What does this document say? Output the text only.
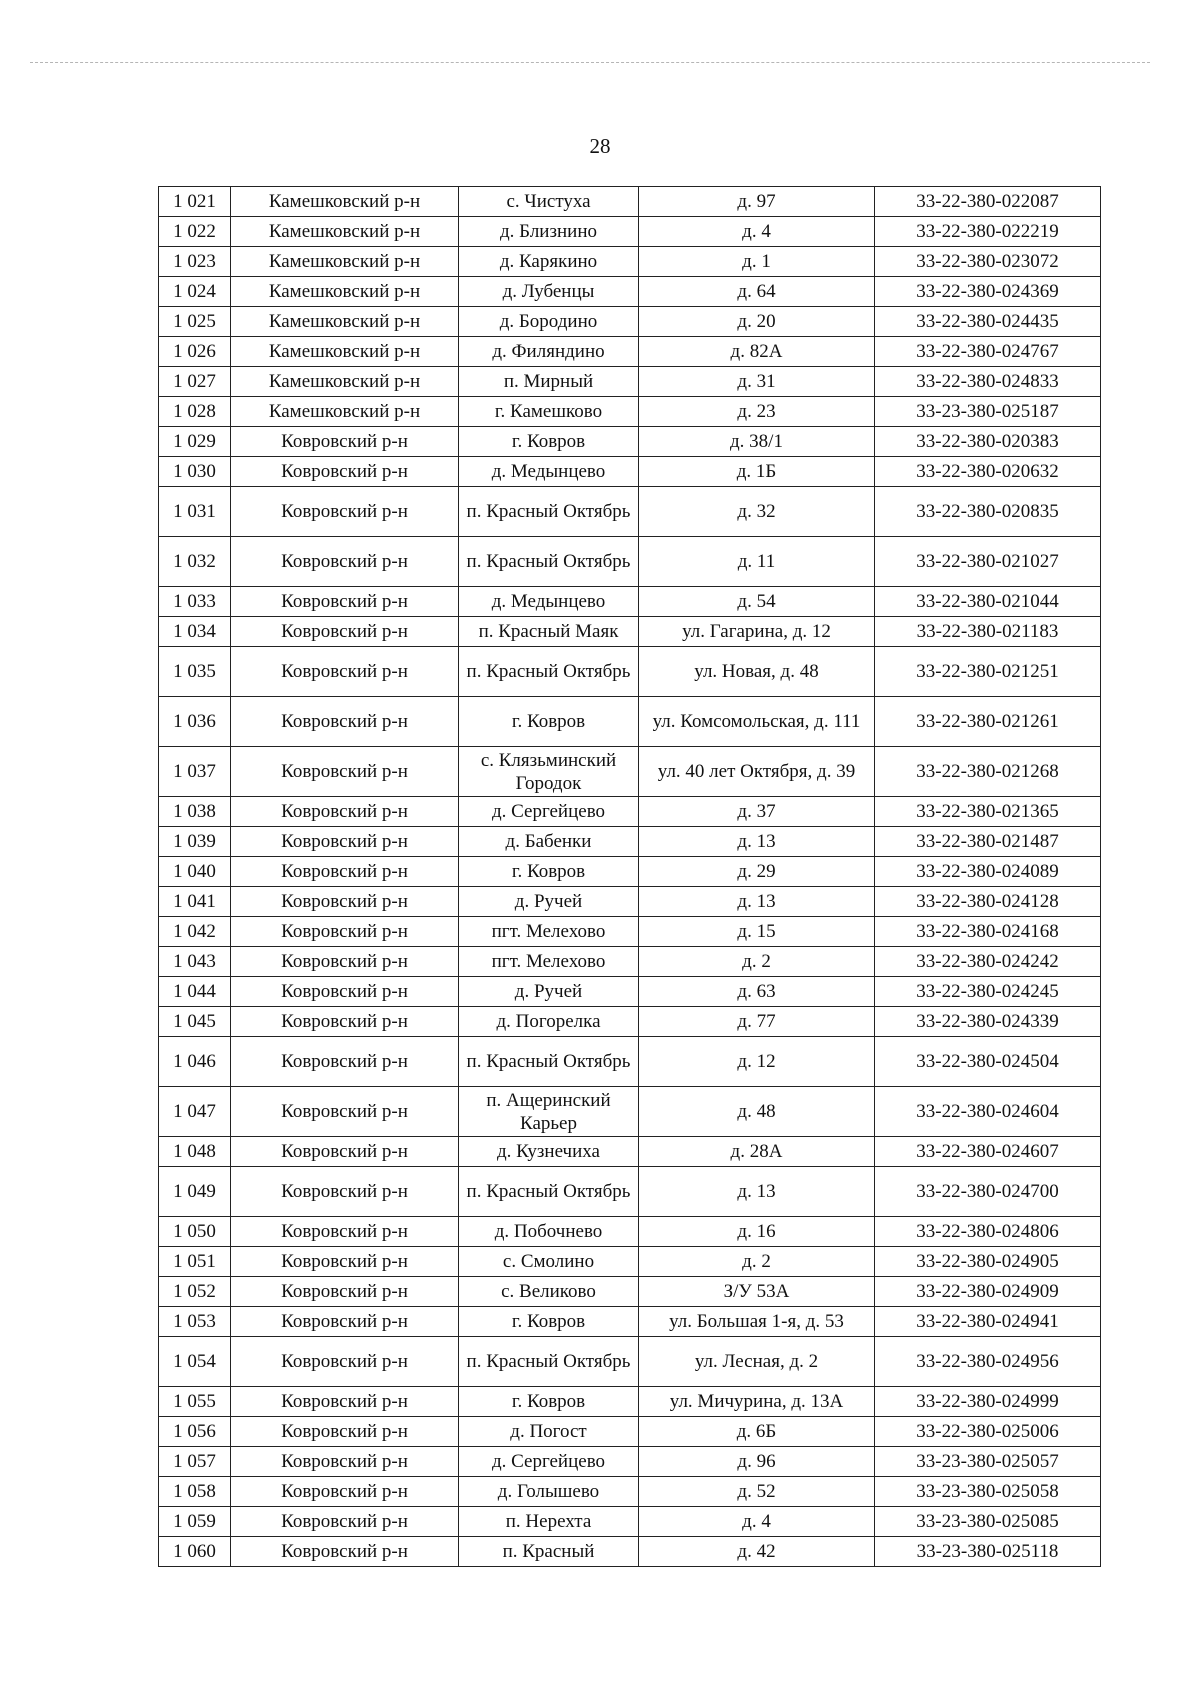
28
1 021	Камешковский р-н	с. Чистуха	д. 97	33-22-380-022087
1 022	Камешковский р-н	д. Близнино	д. 4	33-22-380-022219
1 023	Камешковский р-н	д. Карякино	д. 1	33-22-380-023072
1 024	Камешковский р-н	д. Лубенцы	д. 64	33-22-380-024369
1 025	Камешковский р-н	д. Бородино	д. 20	33-22-380-024435
1 026	Камешковский р-н	д. Филяндино	д. 82А	33-22-380-024767
1 027	Камешковский р-н	п. Мирный	д. 31	33-22-380-024833
1 028	Камешковский р-н	г. Камешково	д. 23	33-23-380-025187
1 029	Ковровский р-н	г. Ковров	д. 38/1	33-22-380-020383
1 030	Ковровский р-н	д. Медынцево	д. 1Б	33-22-380-020632
1 031	Ковровский р-н	п. Красный Октябрь	д. 32	33-22-380-020835
1 032	Ковровский р-н	п. Красный Октябрь	д. 11	33-22-380-021027
1 033	Ковровский р-н	д. Медынцево	д. 54	33-22-380-021044
1 034	Ковровский р-н	п. Красный Маяк	ул. Гагарина, д. 12	33-22-380-021183
1 035	Ковровский р-н	п. Красный Октябрь	ул. Новая, д. 48	33-22-380-021251
1 036	Ковровский р-н	г. Ковров	ул. Комсомольская, д. 111	33-22-380-021261
1 037	Ковровский р-н	с. Клязьминский Городок	ул. 40 лет Октября, д. 39	33-22-380-021268
1 038	Ковровский р-н	д. Сергейцево	д. 37	33-22-380-021365
1 039	Ковровский р-н	д. Бабенки	д. 13	33-22-380-021487
1 040	Ковровский р-н	г. Ковров	д. 29	33-22-380-024089
1 041	Ковровский р-н	д. Ручей	д. 13	33-22-380-024128
1 042	Ковровский р-н	пгт. Мелехово	д. 15	33-22-380-024168
1 043	Ковровский р-н	пгт. Мелехово	д. 2	33-22-380-024242
1 044	Ковровский р-н	д. Ручей	д. 63	33-22-380-024245
1 045	Ковровский р-н	д. Погорелка	д. 77	33-22-380-024339
1 046	Ковровский р-н	п. Красный Октябрь	д. 12	33-22-380-024504
1 047	Ковровский р-н	п. Ащеринский Карьер	д. 48	33-22-380-024604
1 048	Ковровский р-н	д. Кузнечиха	д. 28А	33-22-380-024607
1 049	Ковровский р-н	п. Красный Октябрь	д. 13	33-22-380-024700
1 050	Ковровский р-н	д. Побочнево	д. 16	33-22-380-024806
1 051	Ковровский р-н	с. Смолино	д. 2	33-22-380-024905
1 052	Ковровский р-н	с. Великово	З/У 53А	33-22-380-024909
1 053	Ковровский р-н	г. Ковров	ул. Большая 1-я, д. 53	33-22-380-024941
1 054	Ковровский р-н	п. Красный Октябрь	ул. Лесная, д. 2	33-22-380-024956
1 055	Ковровский р-н	г. Ковров	ул. Мичурина, д. 13А	33-22-380-024999
1 056	Ковровский р-н	д. Погост	д. 6Б	33-22-380-025006
1 057	Ковровский р-н	д. Сергейцево	д. 96	33-23-380-025057
1 058	Ковровский р-н	д. Голышево	д. 52	33-23-380-025058
1 059	Ковровский р-н	п. Нерехта	д. 4	33-23-380-025085
1 060	Ковровский р-н	п. Красный	д. 42	33-23-380-025118
